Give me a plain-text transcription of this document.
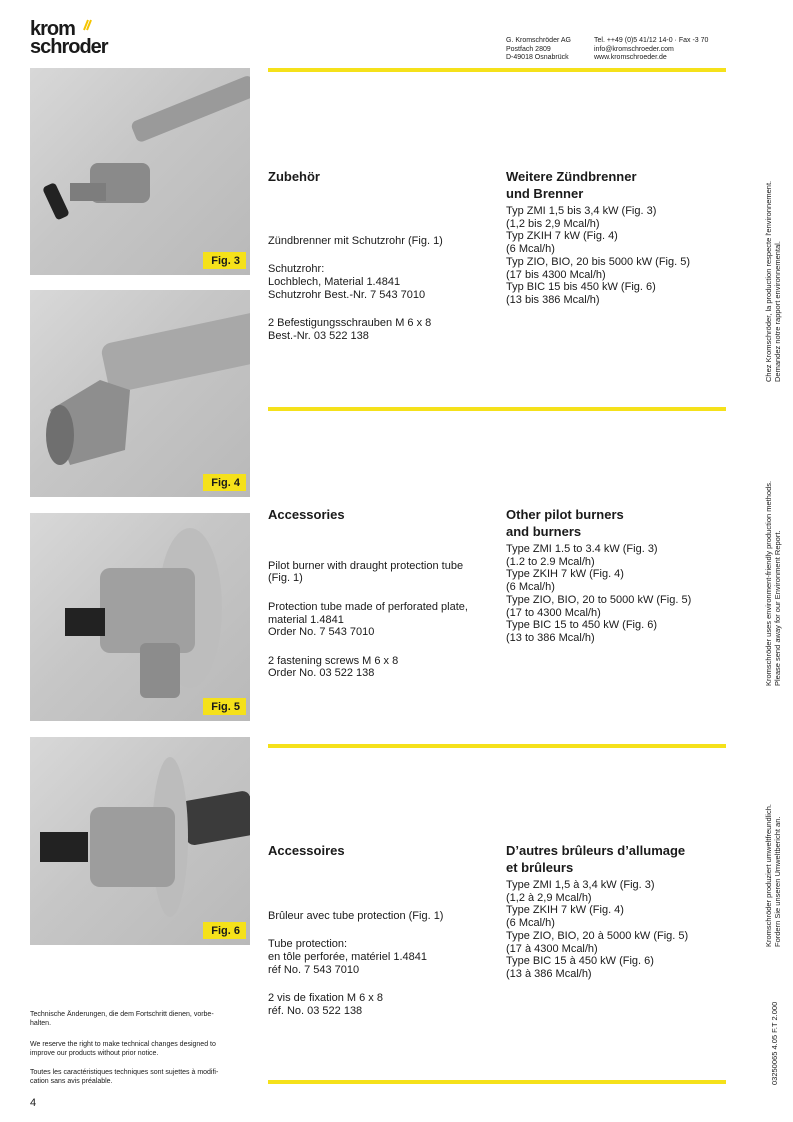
krom
schroder	G. Kromschröder AG
Postfach 2809
D-49018 Osnabrück
Tel. ++49 (0)5 41/12 14-0 · Fax -3 70
info@kromschroeder.com
www.kromschroeder.de
Fig. 3
Fig. 4
Fig. 5
Fig. 6
Zubehör

Zündbrenner mit Schutzrohr (Fig. 1)

Schutzrohr:
Lochblech, Material 1.4841
Schutzrohr Best.-Nr. 7 543 7010

2 Befestigungsschrauben M 6 x 8
Best.-Nr. 03 522 138

Weitere Zündbrenner
und Brenner
Typ ZMI 1,5 bis 3,4 kW (Fig. 3)
(1,2 bis 2,9 Mcal/h)
Typ ZKIH 7 kW (Fig. 4)
(6 Mcal/h)
Typ ZIO, BIO, 20 bis 5000 kW (Fig. 5)
(17 bis 4300 Mcal/h)
Typ BIC 15 bis 450 kW (Fig. 6)
(13 bis 386 Mcal/h)
Accessories

Pilot burner with draught protection tube
(Fig. 1)

Protection tube made of perforated plate,
material 1.4841
Order No. 7 543 7010

2 fastening screws M 6 x 8
Order No. 03 522 138

Other pilot burners
and burners
Type ZMI 1.5 to 3.4 kW (Fig. 3)
(1.2 to 2.9 Mcal/h)
Type ZKIH 7 kW (Fig. 4)
(6 Mcal/h)
Type ZIO, BIO, 20 to 5000 kW (Fig. 5)
(17 to 4300 Mcal/h)
Type BIC 15 to 450 kW (Fig. 6)
(13 to 386 Mcal/h)
Accessoires

Brûleur avec tube protection (Fig. 1)

Tube protection:
en tôle perforée, matériel 1.4841
réf No. 7 543 7010

2 vis de fixation M 6 x 8
réf. No. 03 522 138

D’autres brûleurs d’allumage
et brûleurs
Type ZMI 1,5 à 3,4 kW (Fig. 3)
(1,2 à 2,9 Mcal/h)
Type ZKIH 7 kW (Fig. 4)
(6 Mcal/h)
Type ZIO, BIO, 20 à 5000 kW (Fig. 5)
(17 à 4300 Mcal/h)
Type BIC 15 à 450 kW (Fig. 6)
(13 à 386 Mcal/h)
Technische Änderungen, die dem Fortschritt dienen, vorbe-
halten.
We reserve the right to make technical changes designed to
improve our products without prior notice.
Toutes les caractéristiques techniques sont sujettes à modifi-
cation sans avis préalable.
4
Chez Kromschröder, la production respecte l'environnement. Demandez notre rapport environnemental.
Kromschröder uses environment-friendly production methods. Please send away for our Environment Report.
Kromschröder produziert umweltfreundlich. Fordern Sie unseren Umweltbericht an.
03250065 4.05 F.T 2.000
